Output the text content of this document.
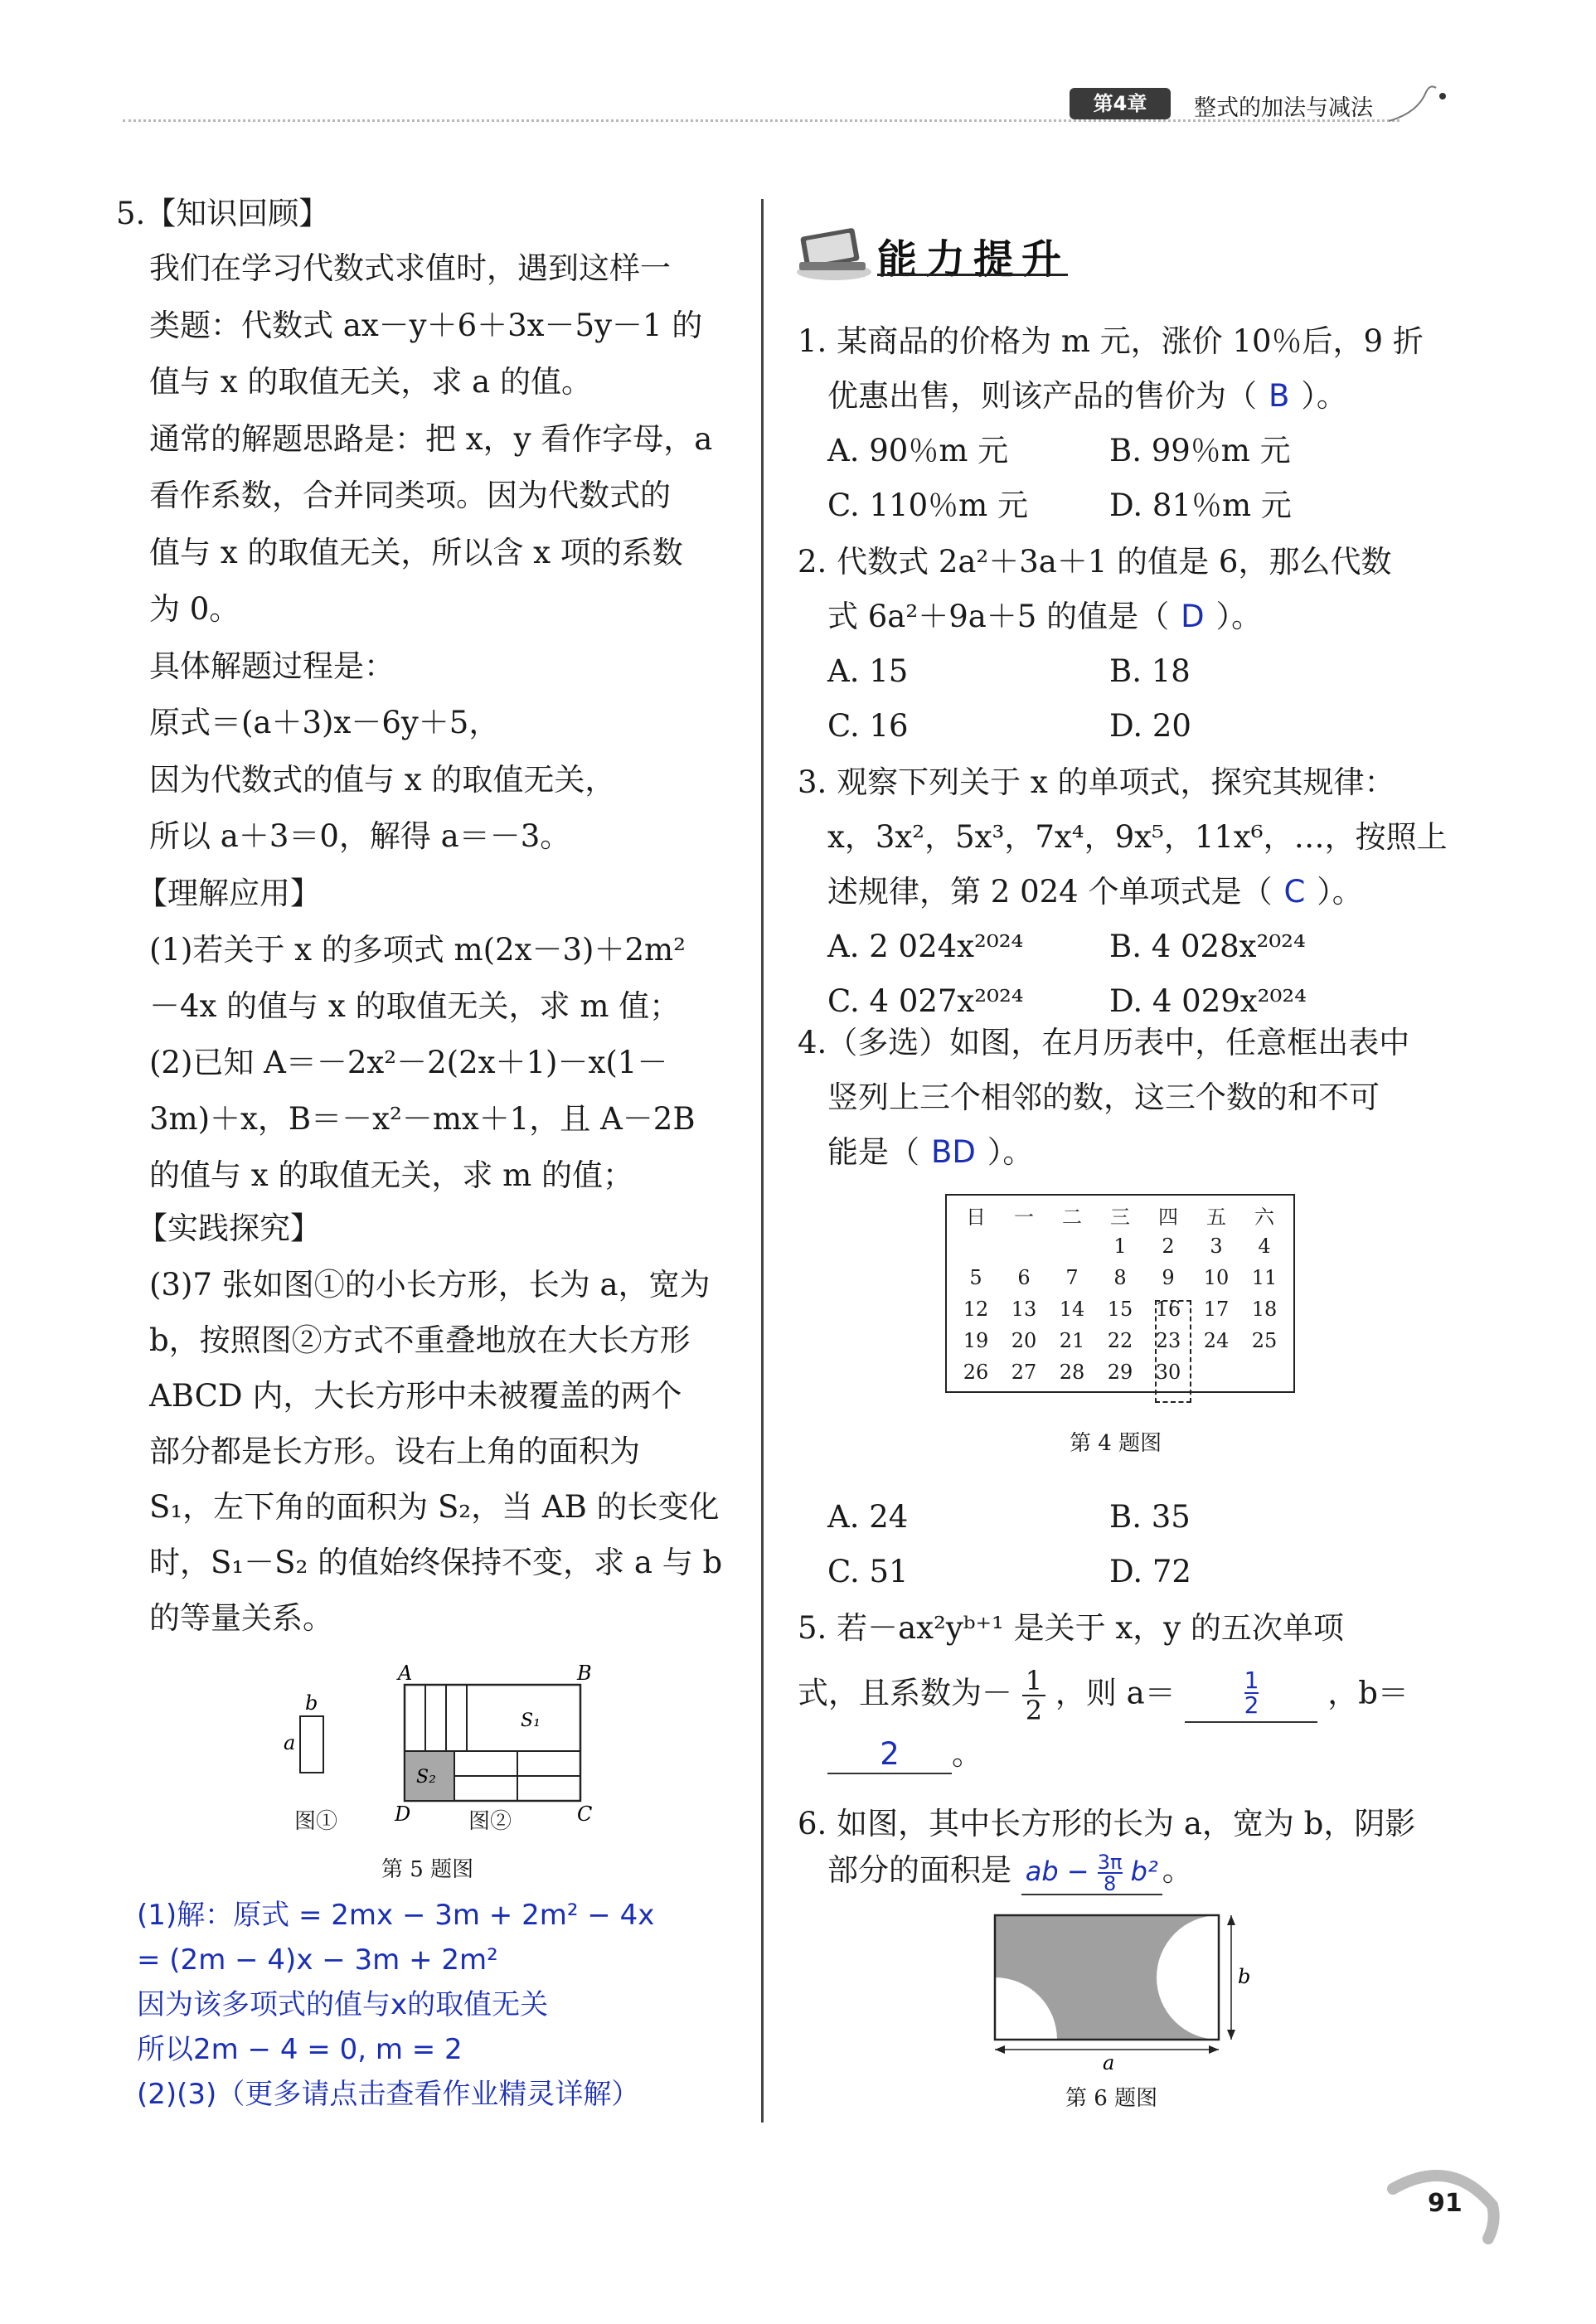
第4章	整式的加法与减法
5.【知识回顾】
我们在学习代数式求值时，遇到这样一
类题：代数式 ax－y＋6＋3x－5y－1 的
值与 x 的取值无关，求 a 的值。
通常的解题思路是：把 x，y 看作字母，a
看作系数，合并同类项。因为代数式的
值与 x 的取值无关，所以含 x 项的系数
为 0。
具体解题过程是：
原式＝(a＋3)x－6y＋5，
因为代数式的值与 x 的取值无关，
所以 a＋3＝0，解得 a＝－3。
【理解应用】
(1)若关于 x 的多项式 m(2x－3)＋2m²
－4x 的值与 x 的取值无关，求 m 值；
(2)已知 A＝－2x²－2(2x＋1)－x(1－
3m)＋x，B＝－x²－mx＋1，且 A－2B
的值与 x 的取值无关，求 m 的值；
【实践探究】
(3)7 张如图①的小长方形，长为 a，宽为
b，按照图②方式不重叠地放在大长方形
ABCD 内，大长方形中未被覆盖的两个
部分都是长方形。设右上角的面积为
S₁，左下角的面积为 S₂，当 AB 的长变化
时，S₁－S₂ 的值始终保持不变，求 a 与 b
的等量关系。
b
a
A	B
D	C
S₁
S₂
图①	图②
第 5 题图
(1)解：原式 = 2mx − 3m + 2m² − 4x
= (2m − 4)x − 3m + 2m²
因为该多项式的值与x的取值无关
所以2m − 4 = 0, m = 2
(2)(3)（更多请点击查看作业精灵详解）
能力提升
1. 某商品的价格为 m 元，涨价 10％后，9 折
优惠出售，则该产品的售价为（ B ）。
A. 90％m 元	B. 99％m 元
C. 110％m 元	D. 81％m 元
2. 代数式 2a²＋3a＋1 的值是 6，那么代数
式 6a²＋9a＋5 的值是（ D ）。
A. 15	B. 18
C. 16	D. 20
3. 观察下列关于 x 的单项式，探究其规律：
x，3x²，5x³，7x⁴，9x⁵，11x⁶，…，按照上
述规律，第 2 024 个单项式是（ C ）。
A. 2 024x²⁰²⁴	B. 4 028x²⁰²⁴
C. 4 027x²⁰²⁴	D. 4 029x²⁰²⁴
4.（多选）如图，在月历表中，任意框出表中
竖列上三个相邻的数，这三个数的和不可
能是（ BD ）。
日	一	二	三	四	五	六
			1	2	3	4
5	6	7	8	9	10	11
12	13	14	15	16	17	18
19	20	21	22	23	24	25
26	27	28	29	30		
第 4 题图
A. 24	B. 35
C. 51	D. 72
5. 若－ax²yᵇ⁺¹ 是关于 x，y 的五次单项
式，且系数为－ $\frac{1}{2}$ ，则 a＝	$\frac{1}{2}$ ，b＝
2 。
6. 如图，其中长方形的长为 a，宽为 b，阴影
部分的面积是 ab − $\frac{3\pi}{8} b^2$ 。
b
a
第 6 题图
91
